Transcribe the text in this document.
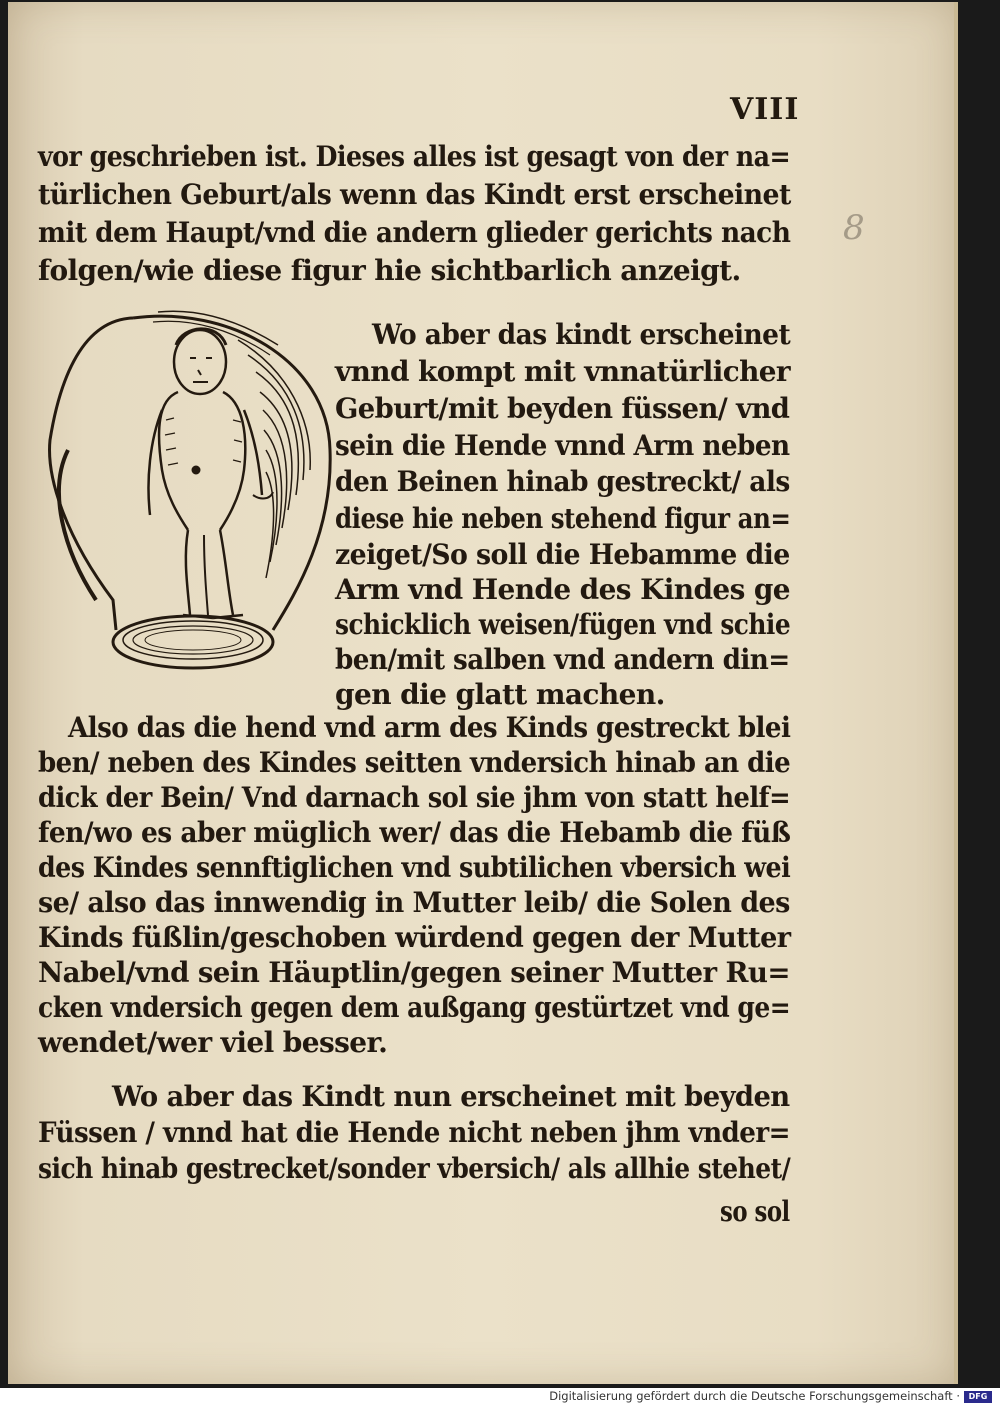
VIII
8
vor geschrieben ist. Dieses alles ist gesagt von der na=
türlichen Geburt/als wenn das Kindt erst erscheinet
mit dem Haupt/vnd die andern glieder gerichts nach
folgen/wie diese figur hie sichtbarlich anzeigt.
Wo aber das kindt erscheinet
vnnd kompt mit vnnatürlicher
Geburt/mit beyden füssen/ vnd
sein die Hende vnnd Arm neben
den Beinen hinab gestreckt/ als
diese hie neben stehend figur an=
zeiget/So soll die Hebamme die
Arm vnd Hende des Kindes ge
schicklich weisen/fügen vnd schie
ben/mit salben vnd andern din=
gen die glatt machen.
Also das die hend vnd arm des Kinds gestreckt blei
ben/ neben des Kindes seitten vndersich hinab an die
dick der Bein/ Vnd darnach sol sie jhm von statt helf=
fen/wo es aber müglich wer/ das die Hebamb die füß
des Kindes sennftiglichen vnd subtilichen vbersich wei
se/ also das innwendig in Mutter leib/ die Solen des
Kinds füßlin/geschoben würdend gegen der Mutter
Nabel/vnd sein Häuptlin/gegen seiner Mutter Ru=
cken vndersich gegen dem außgang gestürtzet vnd ge=
wendet/wer viel besser.
Wo aber das Kindt nun erscheinet mit beyden
Füssen / vnnd hat die Hende nicht neben jhm vnder=
sich hinab gestrecket/sonder vbersich/ als allhie stehet/
so sol
Digitalisierung gefördert durch die Deutsche Forschungsgemeinschaft ·	DFG
